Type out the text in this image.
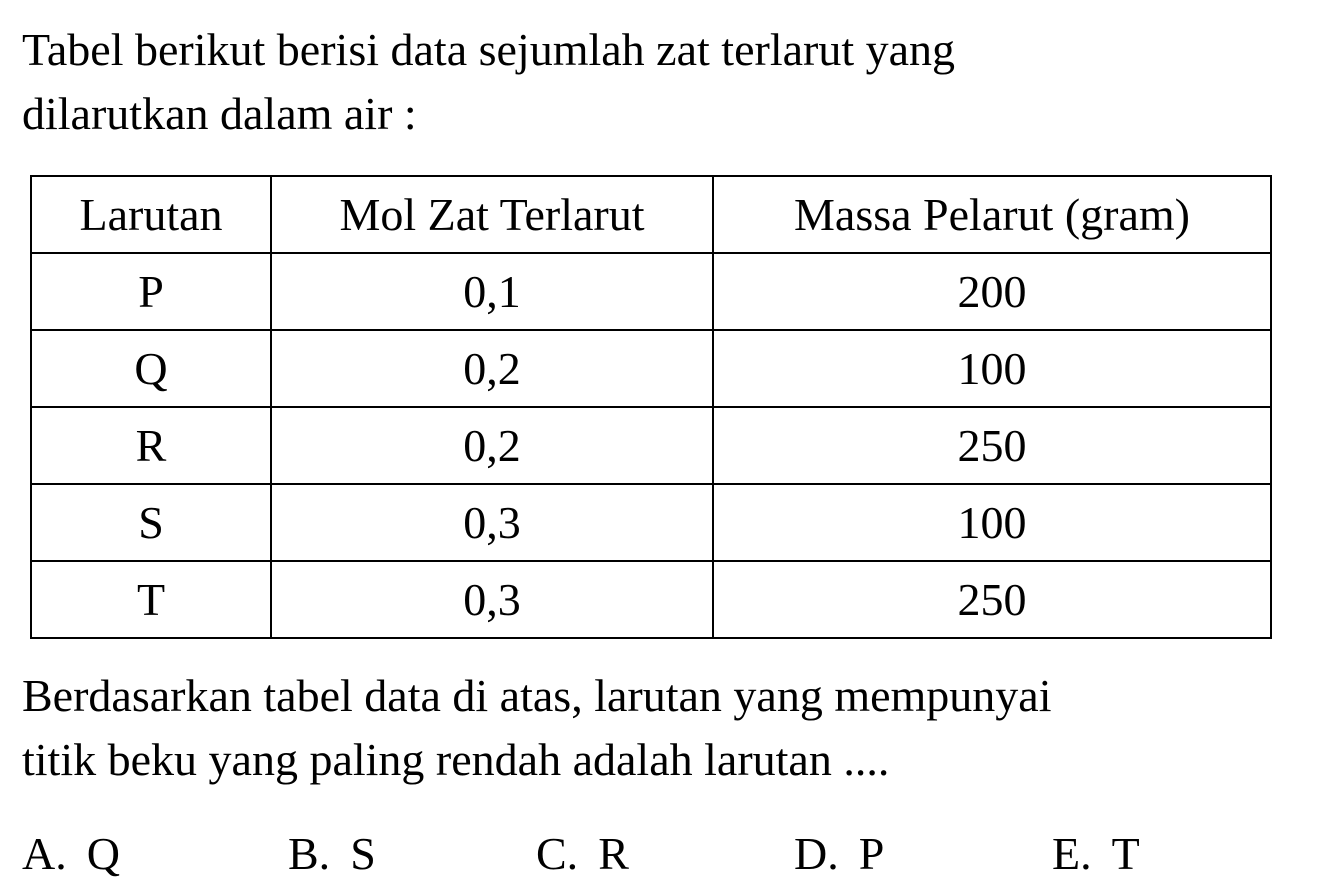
Tabel berikut berisi data sejumlah zat terlarut yang
dilarutkan dalam air :

Larutan	Mol Zat Terlarut	Massa Pelarut (gram)
P	0,1	200
Q	0,2	100
R	0,2	250
S	0,3	100
T	0,3	250

Berdasarkan tabel data di atas, larutan yang mempunyai
titik beku yang paling rendah adalah larutan ....

A. Q	B. S	C. R	D. P	E. T
